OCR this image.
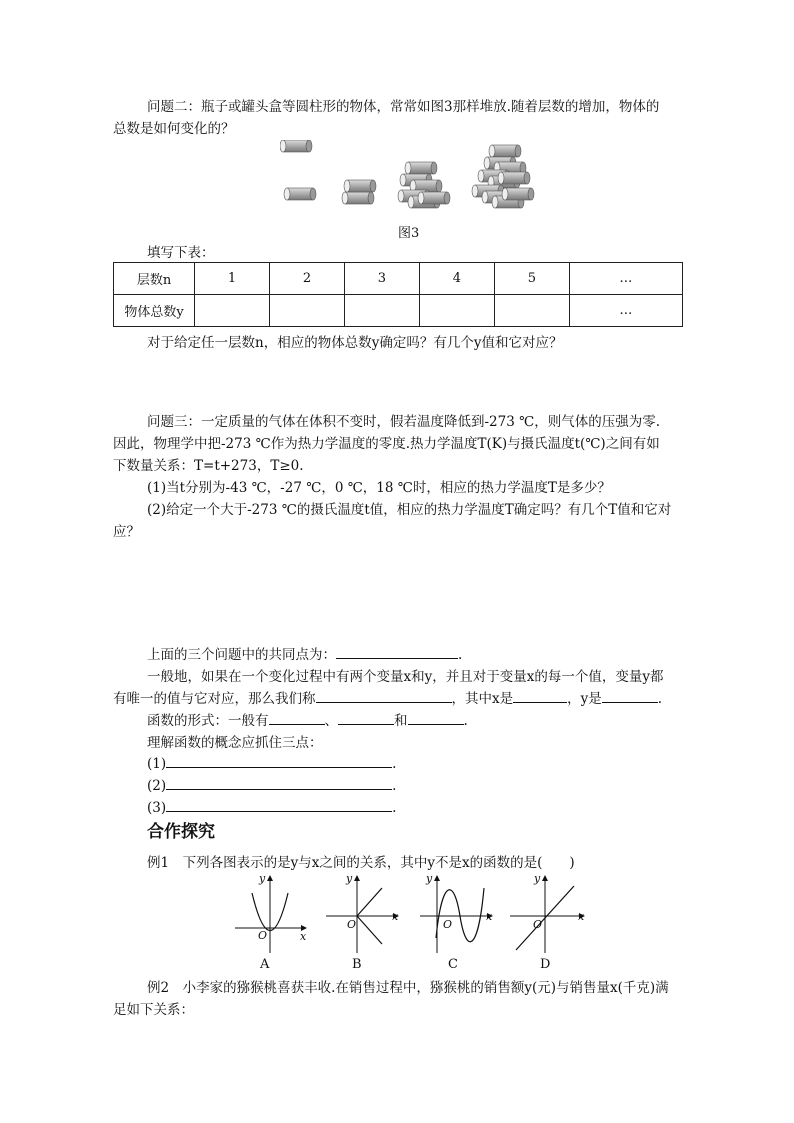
问题二：瓶子或罐头盒等圆柱形的物体，常常如图3那样堆放.随着层数的增加，物体的
总数是如何变化的？
图3
填写下表：
层数n	1	2	3	4	5	…
物体总数y						…
对于给定任一层数n，相应的物体总数y确定吗？有几个y值和它对应？
问题三：一定质量的气体在体积不变时，假若温度降低到-273 ℃，则气体的压强为零.
因此，物理学中把-273 ℃作为热力学温度的零度.热力学温度T(K)与摄氏温度t(℃)之间有如
下数量关系：T=t+273，T≥0.
(1)当t分别为-43 ℃，-27 ℃，0 ℃，18 ℃时，相应的热力学温度T是多少？
(2)给定一个大于-273 ℃的摄氏温度t值，相应的热力学温度T确定吗？有几个T值和它对
应？
上面的三个问题中的共同点为：	.
一般地，如果在一个变化过程中有两个变量x和y，并且对于变量x的每一个值，变量y都
有唯一的值与它对应，那么我们称	，其中x是	，y是	.
函数的形式：一般有	、	和	.
理解函数的概念应抓住三点：
(1)	.
(2)	.
(3)	.
合作探究
例1　下列各图表示的是y与x之间的关系，其中y不是x的函数的是(　　)
y
x
O
y
x
O
y
x
O
y
x
O
A	B	C	D
例2　小李家的猕猴桃喜获丰收.在销售过程中，猕猴桃的销售额y(元)与销售量x(千克)满
足如下关系：
